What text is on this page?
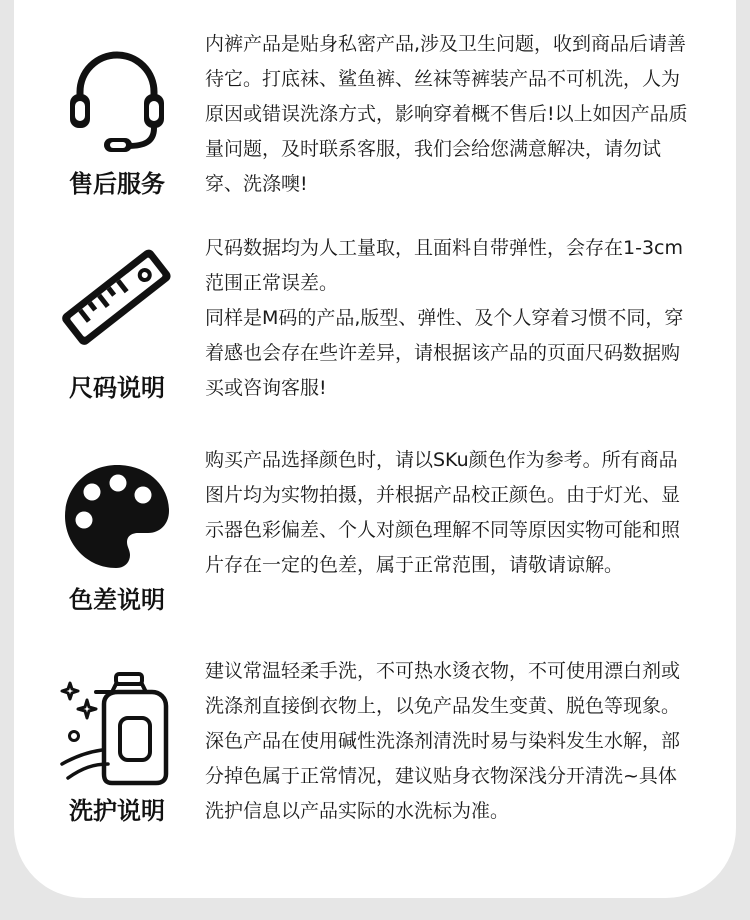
售后服务

内裤产品是贴身私密产品,涉及卫生问题，收到商品后请善待它。打底袜、鲨鱼裤、丝袜等裤装产品不可机洗，人为原因或错误洗涤方式，影响穿着概不售后!以上如因产品质量问题，及时联系客服，我们会给您满意解决，请勿试穿、洗涤噢!

尺码说明

尺码数据均为人工量取，且面料自带弹性，会存在1-3cm范围正常误差。

同样是M码的产品,版型、弹性、及个人穿着习惯不同，穿着感也会存在些许差异，请根据该产品的页面尺码数据购买或咨询客服!

色差说明

购买产品选择颜色时，请以SKu颜色作为参考。所有商品图片均为实物拍摄，并根据产品校正颜色。由于灯光、显示器色彩偏差、个人对颜色理解不同等原因实物可能和照片存在一定的色差，属于正常范围，请敬请谅解。

洗护说明

建议常温轻柔手洗，不可热水烫衣物，不可使用漂白剂或洗涤剂直接倒衣物上，以免产品发生变黄、脱色等现象。深色产品在使用碱性洗涤剂清洗时易与染料发生水解，部分掉色属于正常情况，建议贴身衣物深浅分开清洗~具体洗护信息以产品实际的水洗标为准。
